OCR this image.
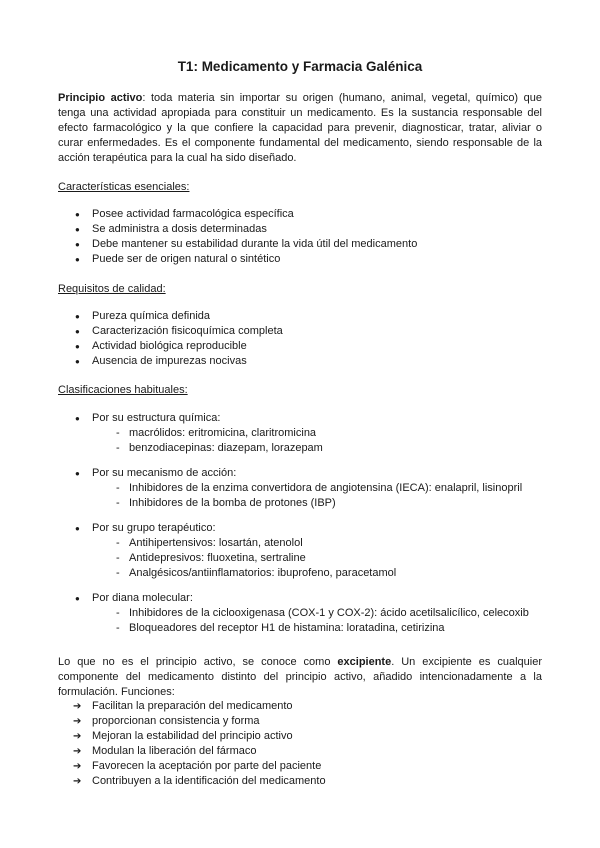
T1: Medicamento y Farmacia Galénica

Principio activo: toda materia sin importar su origen (humano, animal, vegetal, químico) que tenga una actividad apropiada para constituir un medicamento. Es la sustancia responsable del efecto farmacológico y la que confiere la capacidad para prevenir, diagnosticar, tratar, aliviar o curar enfermedades. Es el componente fundamental del medicamento, siendo responsable de la acción terapéutica para la cual ha sido diseñado.

Características esenciales:
● Posee actividad farmacológica específica
● Se administra a dosis determinadas
● Debe mantener su estabilidad durante la vida útil del medicamento
● Puede ser de origen natural o sintético
Requisitos de calidad:
● Pureza química definida
● Caracterización fisicoquímica completa
● Actividad biológica reproducible
● Ausencia de impurezas nocivas
Clasificaciones habituales:
● Por su estructura química:
- macrólidos: eritromicina, claritromicina
- benzodiacepinas: diazepam, lorazepam
● Por su mecanismo de acción:
- Inhibidores de la enzima convertidora de angiotensina (IECA): enalapril, lisinopril
- Inhibidores de la bomba de protones (IBP)
● Por su grupo terapéutico:
- Antihipertensivos: losartán, atenolol
- Antidepresivos: fluoxetina, sertraline
- Analgésicos/antiinflamatorios: ibuprofeno, paracetamol
● Por diana molecular:
- Inhibidores de la ciclooxigenasa (COX-1 y COX-2): ácido acetilsalicílico, celecoxib
- Bloqueadores del receptor H1 de histamina: loratadina, cetirizina

Lo que no es el principio activo, se conoce como excipiente. Un excipiente es cualquier componente del medicamento distinto del principio activo, añadido intencionadamente a la formulación. Funciones:

➔ Facilitan la preparación del medicamento
➔ proporcionan consistencia y forma
➔ Mejoran la estabilidad del principio activo
➔ Modulan la liberación del fármaco
➔ Favorecen la aceptación por parte del paciente
➔ Contribuyen a la identificación del medicamento
